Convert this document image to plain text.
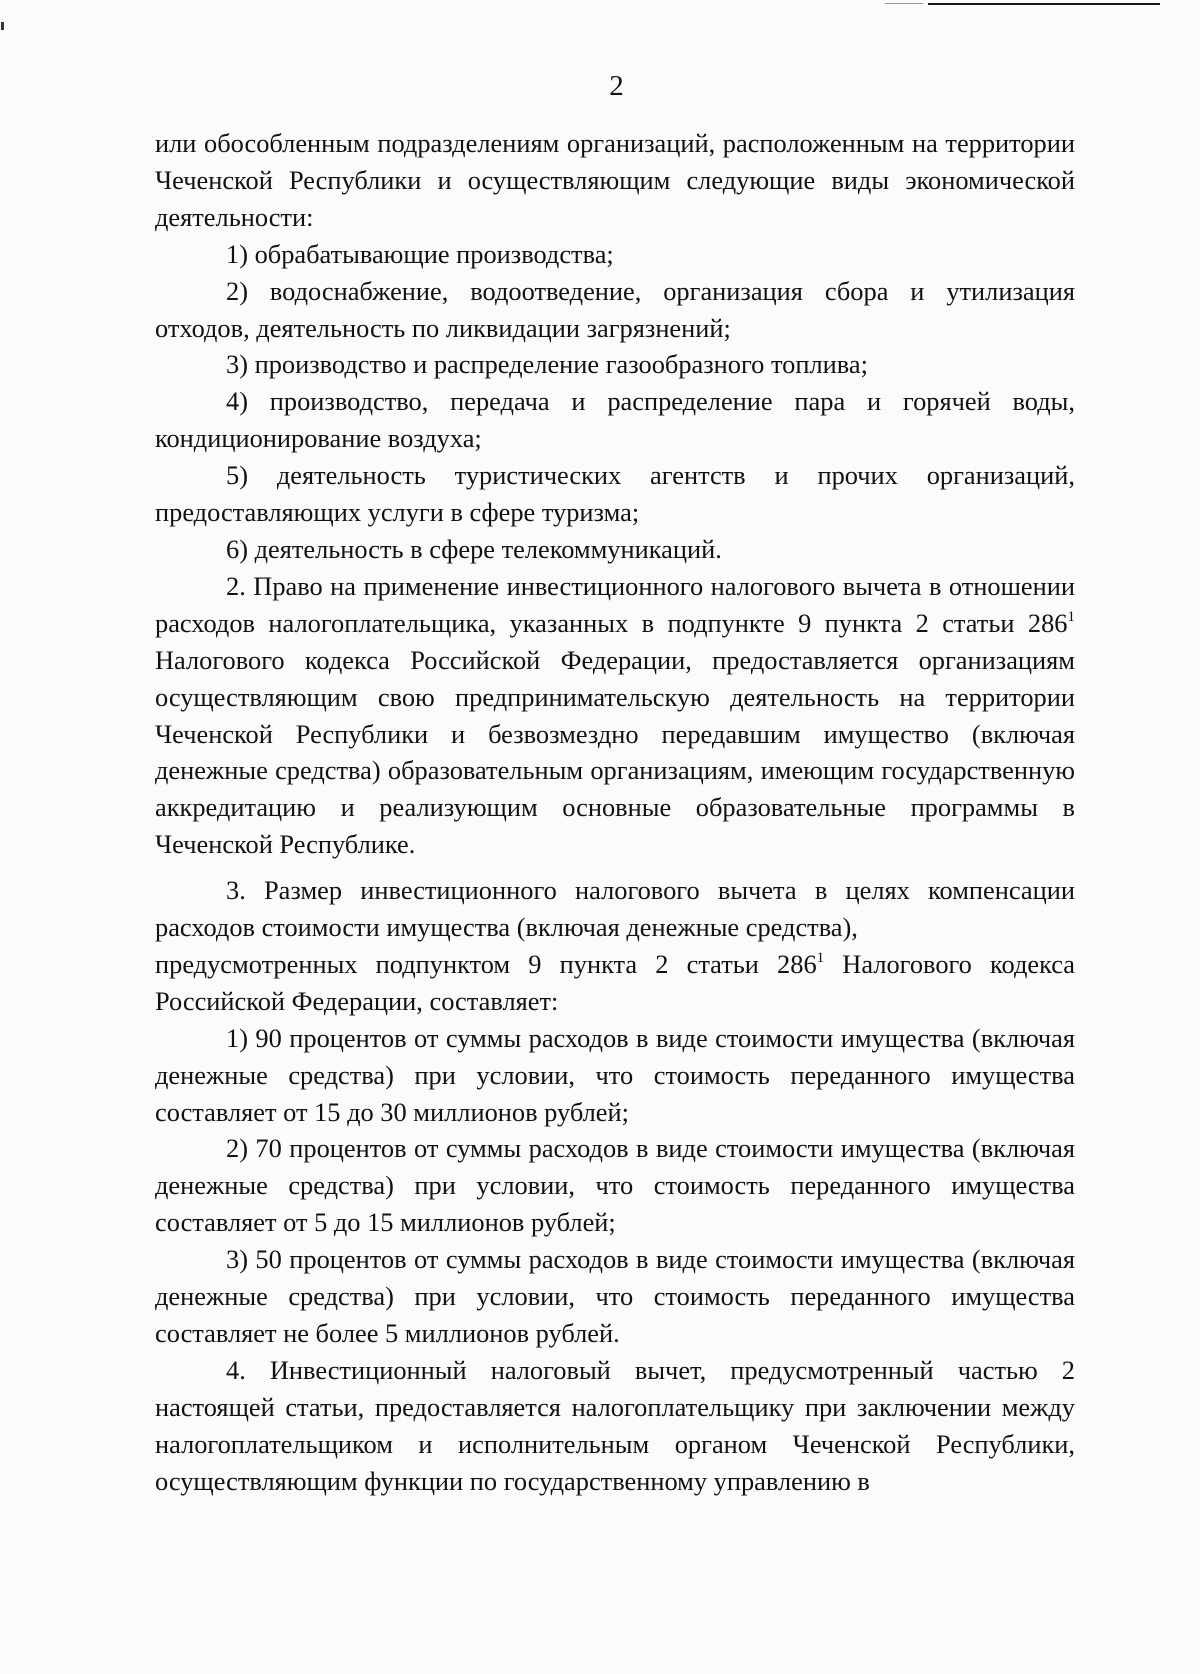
2

или обособленным подразделениям организаций, расположенным на территории Чеченской Республики и осуществляющим следующие виды экономической деятельности:

1) обрабатывающие производства;

2) водоснабжение, водоотведение, организация сбора и утилизация отходов, деятельность по ликвидации загрязнений;

3) производство и распределение газообразного топлива;

4) производство, передача и распределение пара и горячей воды, кондиционирование воздуха;

5) деятельность туристических агентств и прочих организаций, предоставляющих услуги в сфере туризма;

6) деятельность в сфере телекоммуникаций.

2. Право на применение инвестиционного налогового вычета в отношении расходов налогоплательщика, указанных в подпункте 9 пункта 2 статьи $286^1$ Налогового кодекса Российской Федерации, предоставляется организациям осуществляющим свою предпринимательскую деятельность на территории Чеченской Республики и безвозмездно передавшим имущество (включая денежные средства) образовательным организациям, имеющим государственную аккредитацию и реализующим основные образовательные программы в Чеченской Республике.

3. Размер инвестиционного налогового вычета в целях компенсации расходов стоимости имущества (включая денежные средства),

предусмотренных подпунктом 9 пункта 2 статьи $286^1$ Налогового кодекса Российской Федерации, составляет:

1) 90 процентов от суммы расходов в виде стоимости имущества (включая денежные средства) при условии, что стоимость переданного имущества составляет от 15 до 30 миллионов рублей;

2) 70 процентов от суммы расходов в виде стоимости имущества (включая денежные средства) при условии, что стоимость переданного имущества составляет от 5 до 15 миллионов рублей;

3) 50 процентов от суммы расходов в виде стоимости имущества (включая денежные средства) при условии, что стоимость переданного имущества составляет не более 5 миллионов рублей.

4. Инвестиционный налоговый вычет, предусмотренный частью 2 настоящей статьи, предоставляется налогоплательщику при заключении между налогоплательщиком и исполнительным органом Чеченской Республики, осуществляющим функции по государственному управлению в
